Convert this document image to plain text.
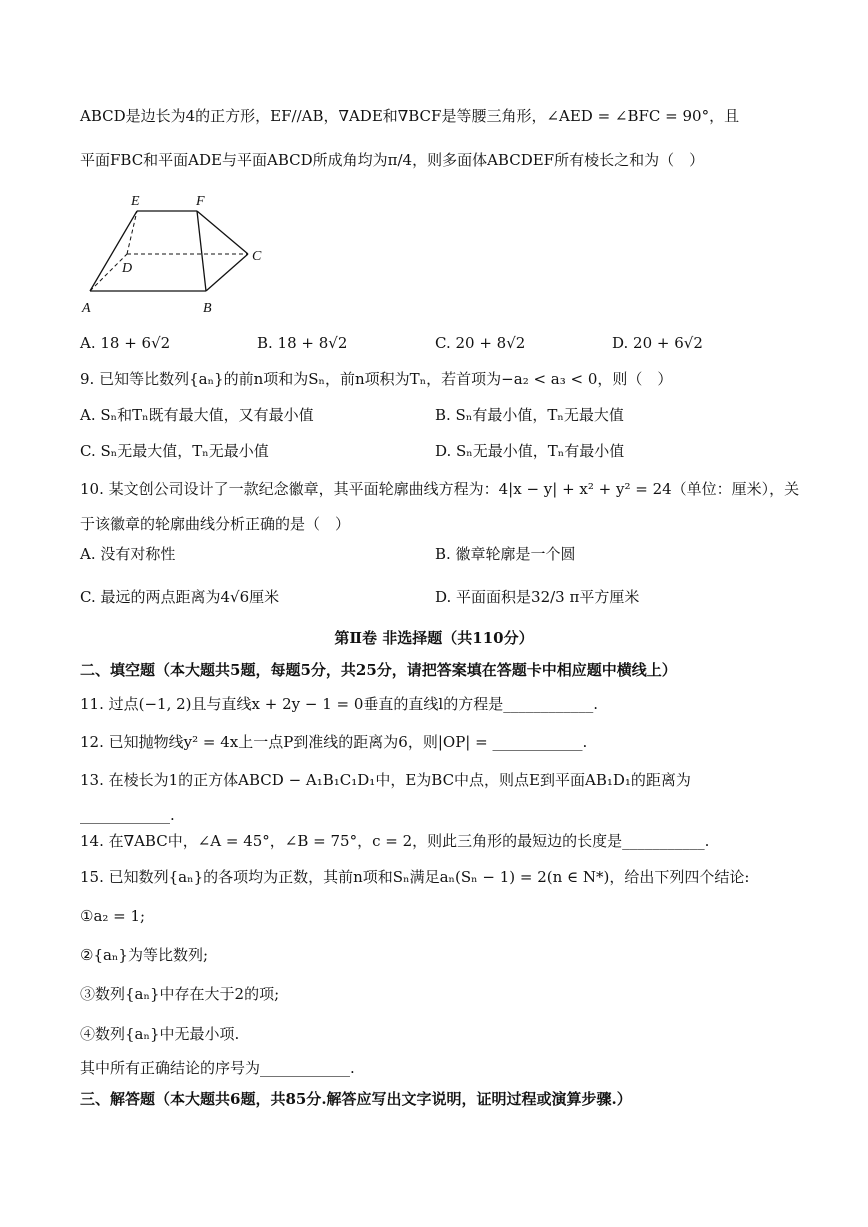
ABCD是边长为4的正方形，EF//AB，∇ADE和∇BCF是等腰三角形，∠AED = ∠BFC = 90°，且
平面FBC和平面ADE与平面ABCD所成角均为π/4，则多面体ABCDEF所有棱长之和为（　）
E	F
D
C
A	B
A. 18 + 6√2	B. 18 + 8√2	C. 20 + 8√2	D. 20 + 6√2
9. 已知等比数列{aₙ}的前n项和为Sₙ，前n项积为Tₙ，若首项为−a₂ < a₃ < 0，则（　）
A. Sₙ和Tₙ既有最大值，又有最小值	B. Sₙ有最小值，Tₙ无最大值
C. Sₙ无最大值，Tₙ无最小值	D. Sₙ无最小值，Tₙ有最小值
10. 某文创公司设计了一款纪念徽章，其平面轮廓曲线方程为：4|x − y| + x² + y² = 24（单位：厘米），关
于该徽章的轮廓曲线分析正确的是（　）
A. 没有对称性	B. 徽章轮廓是一个圆
C. 最远的两点距离为4√6厘米	D. 平面面积是32/3 π平方厘米
第Ⅱ卷 非选择题（共110分）
二、填空题（本大题共5题，每题5分，共25分，请把答案填在答题卡中相应题中横线上）
11. 过点(−1, 2)且与直线x + 2y − 1 = 0垂直的直线l的方程是____________.
12. 已知抛物线y² = 4x上一点P到准线的距离为6，则|OP| = ____________.
13. 在棱长为1的正方体ABCD − A₁B₁C₁D₁中，E为BC中点，则点E到平面AB₁D₁的距离为
____________.
14. 在∇ABC中，∠A = 45°，∠B = 75°，c = 2，则此三角形的最短边的长度是___________.
15. 已知数列{aₙ}的各项均为正数，其前n项和Sₙ满足aₙ(Sₙ − 1) = 2(n ∈ N*)，给出下列四个结论:
①a₂ = 1;
②{aₙ}为等比数列;
③数列{aₙ}中存在大于2的项;
④数列{aₙ}中无最小项.
其中所有正确结论的序号为____________.
三、解答题（本大题共6题，共85分.解答应写出文字说明，证明过程或演算步骤.）
